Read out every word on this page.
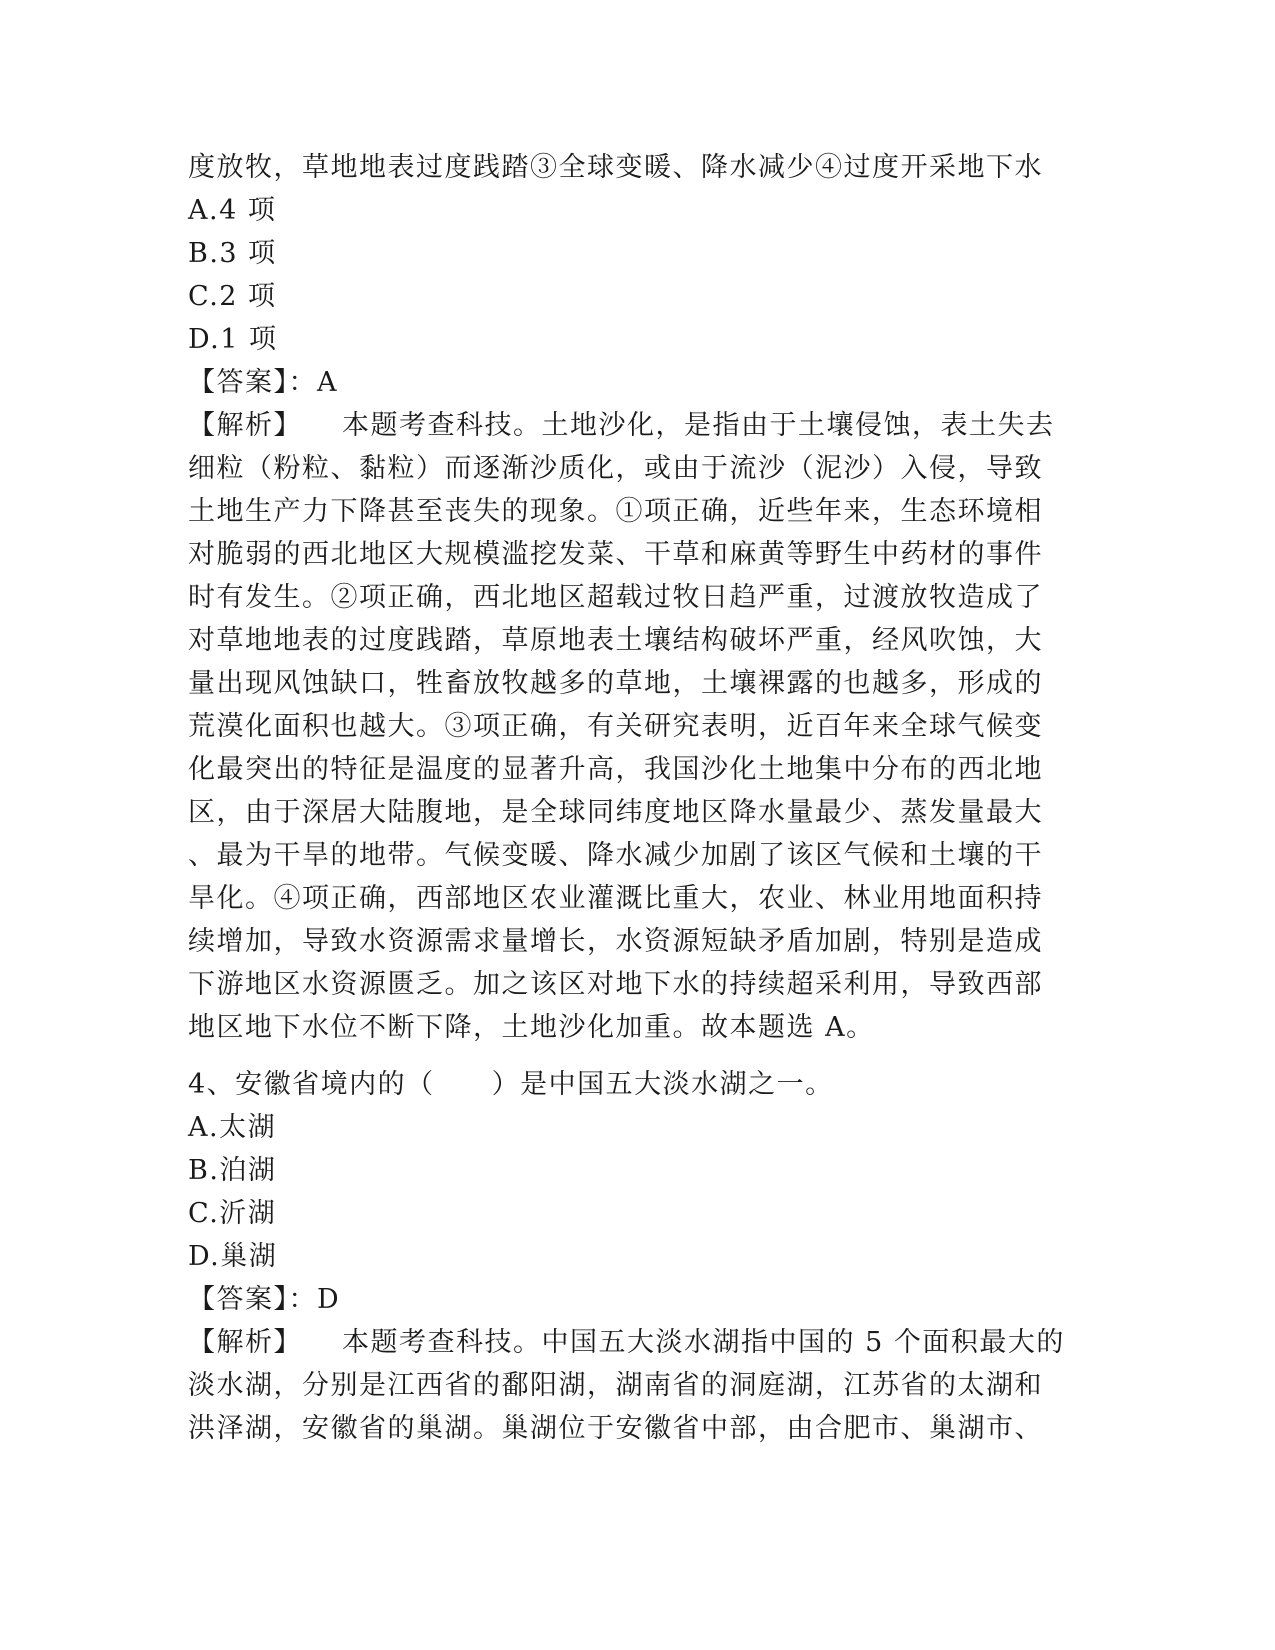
度放牧，草地地表过度践踏③全球变暖、降水减少④过度开采地下水
A.4 项
B.3 项
C.2 项
D.1 项
【答案】：A
【解析】 本题考查科技。土地沙化，是指由于土壤侵蚀，表土失去
细粒（粉粒、黏粒）而逐渐沙质化，或由于流沙（泥沙）入侵，导致
土地生产力下降甚至丧失的现象。①项正确，近些年来，生态环境相
对脆弱的西北地区大规模滥挖发菜、干草和麻黄等野生中药材的事件
时有发生。②项正确，西北地区超载过牧日趋严重，过渡放牧造成了
对草地地表的过度践踏，草原地表土壤结构破坏严重，经风吹蚀，大
量出现风蚀缺口，牲畜放牧越多的草地，土壤裸露的也越多，形成的
荒漠化面积也越大。③项正确，有关研究表明，近百年来全球气候变
化最突出的特征是温度的显著升高，我国沙化土地集中分布的西北地
区，由于深居大陆腹地，是全球同纬度地区降水量最少、蒸发量最大
、最为干旱的地带。气候变暖、降水减少加剧了该区气候和土壤的干
旱化。④项正确，西部地区农业灌溉比重大，农业、林业用地面积持
续增加，导致水资源需求量增长，水资源短缺矛盾加剧，特别是造成
下游地区水资源匮乏。加之该区对地下水的持续超采利用，导致西部
地区地下水位不断下降，土地沙化加重。故本题选 A。
4、安徽省境内的（　　）是中国五大淡水湖之一。
A.太湖
B.泊湖
C.沂湖
D.巢湖
【答案】：D
【解析】 本题考查科技。中国五大淡水湖指中国的 5 个面积最大的
淡水湖，分别是江西省的鄱阳湖，湖南省的洞庭湖，江苏省的太湖和
洪泽湖，安徽省的巢湖。巢湖位于安徽省中部，由合肥市、巢湖市、
